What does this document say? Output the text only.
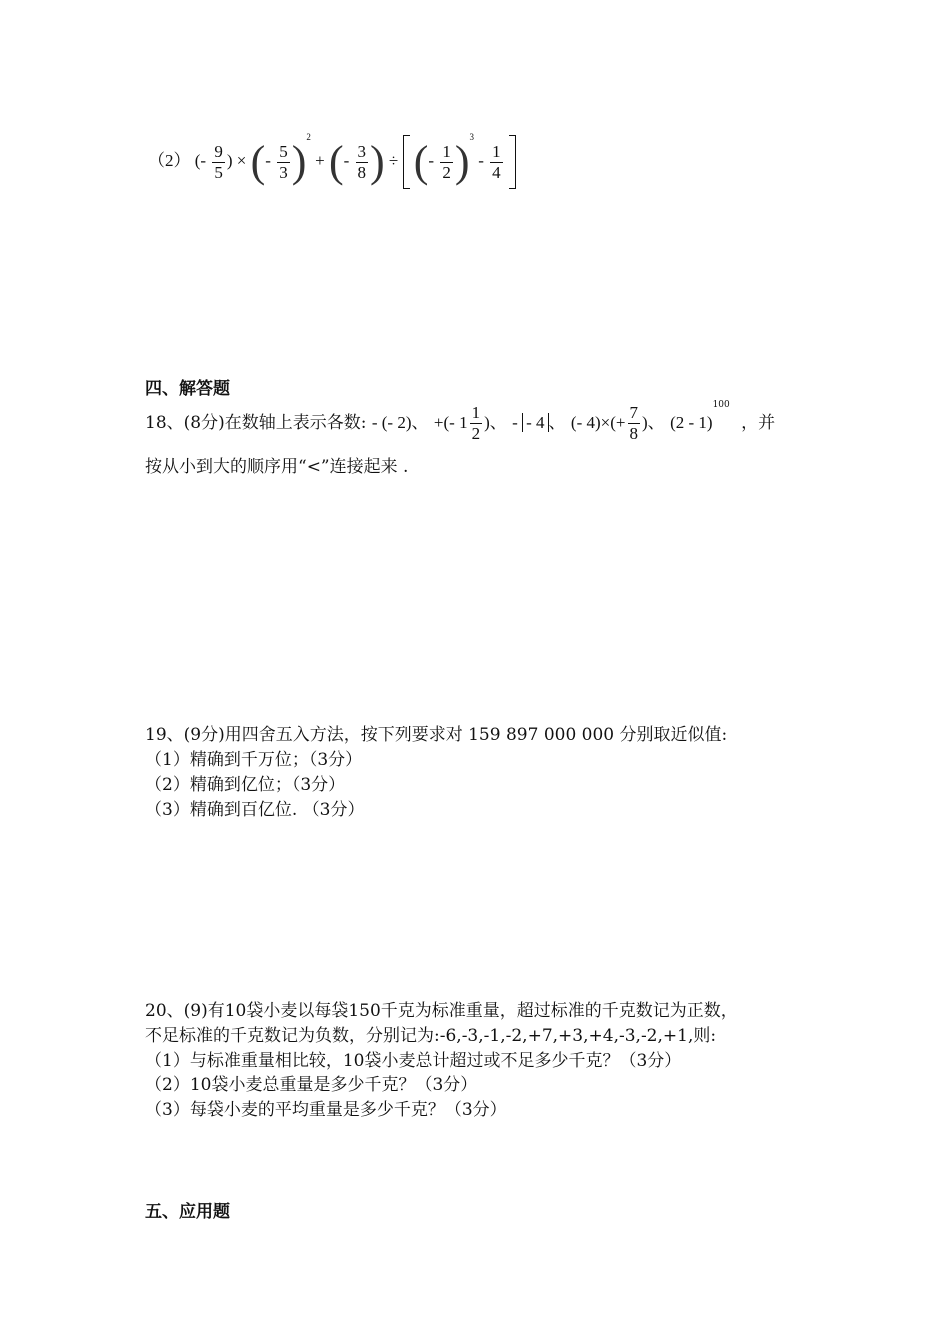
（2） (- $\frac{9}{5}$ ) × (- $\frac{5}{3} )^2$ + (- $\frac{3}{8}$ ) ÷ (- $\frac{1}{2} )^3 - \frac{1}{4}$

四、解答题
18、(8分)在数轴上表示各数: - (- 2)、 +(- $1 \frac{1}{2}$ )、 - - 4 、 (- $4)\times(+ \frac{7}{8}$ )、 (2 - 1)$^{100}$ ，并
按从小到大的顺序用“<”连接起来 .
19、(9分)用四舍五入方法，按下列要求对 159 897 000 000 分别取近似值:
（1）精确到千万位；（3分）
（2）精确到亿位；（3分）
（3）精确到百亿位. （3分）
20、(9)有10袋小麦以每袋150千克为标准重量，超过标准的千克数记为正数，
不足标准的千克数记为负数，分别记为:-6,-3,-1,-2,+7,+3,+4,-3,-2,+1,则:
（1）与标准重量相比较，10袋小麦总计超过或不足多少千克？（3分）
（2）10袋小麦总重量是多少千克？（3分）
（3）每袋小麦的平均重量是多少千克？（3分）
五、应用题
